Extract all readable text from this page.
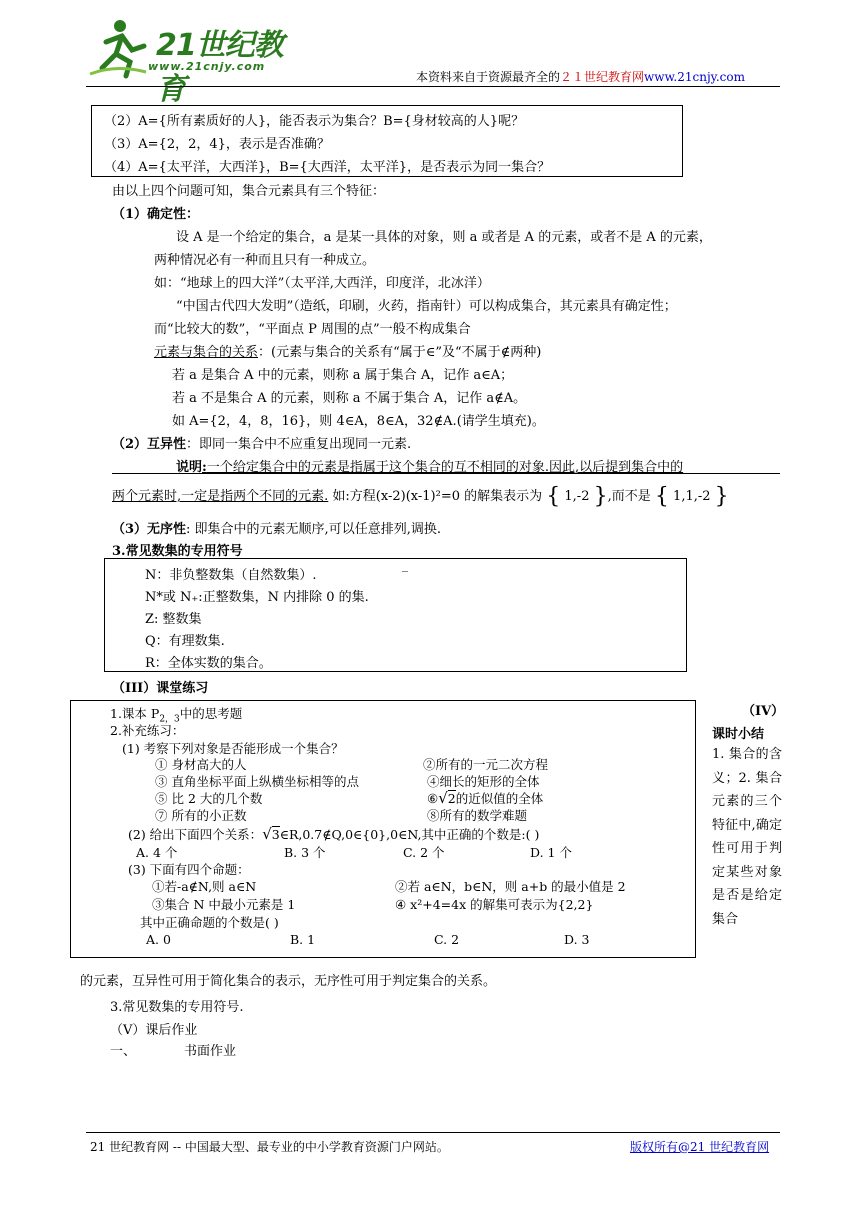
21世纪教育
www.21cnjy.com
本资料来自于资源最齐全的２１世纪教育网www.21cnjy.com
（2）A={所有素质好的人}，能否表示为集合？B={身材较高的人}呢？
（3）A={2，2，4}，表示是否准确？
（4）A={太平洋，大西洋}，B={大西洋，太平洋}，是否表示为同一集合？
由以上四个问题可知，集合元素具有三个特征：
（1）确定性：
设 A 是一个给定的集合，a 是某一具体的对象，则 a 或者是 A 的元素，或者不是 A 的元素，
两种情况必有一种而且只有一种成立。
如：“地球上的四大洋”（太平洋,大西洋，印度洋，北冰洋）
“中国古代四大发明”（造纸，印刷，火药，指南针）可以构成集合，其元素具有确定性；
而“比较大的数”，“平面点 P 周围的点”一般不构成集合
元素与集合的关系：(元素与集合的关系有“属于∈”及“不属于∉两种)
若 a 是集合 A 中的元素，则称 a 属于集合 A，记作 a∈A；
若 a 不是集合 A 的元素，则称 a 不属于集合 A，记作 a∉A。
如 A={2，4，8，16}，则 4∈A，8∈A，32∉A.(请学生填充)。
（2）互异性：即同一集合中不应重复出现同一元素.
说明:一个给定集合中的元素是指属于这个集合的互不相同的对象.因此,以后提到集合中的
两个元素时,一定是指两个不同的元素. 如:方程(x-2)(x-1)²=0 的解集表示为 { 1,-2 },而不是 { 1,1,-2 }
（3）无序性: 即集合中的元素无顺序,可以任意排列,调换.
3.常见数集的专用符号
N：非负整数集（自然数集）.
_
N*或 N₊:正整数集，N 内排除 0 的集.
Z: 整数集
Q：有理数集.
R：全体实数的集合。
（III）课堂练习
1.课本 $P_{2,3}$中的思考题
2.补充练习：
(1) 考察下列对象是否能形成一个集合？
① 身材高大的人	②所有的一元二次方程
③ 直角坐标平面上纵横坐标相等的点	④细长的矩形的全体
⑤ 比 2 大的几个数	⑥√2的近似值的全体
⑦ 所有的小正数	⑧所有的数学难题
(2) 给出下面四个关系：√3∈R,0.7∉Q,0∈{0},0∈N,其中正确的个数是:( )
A. 4 个	B. 3 个	C. 2 个	D. 1 个
(3) 下面有四个命题：
①若-a∉N,则 a∈N	②若 a∈N，b∈N，则 a+b 的最小值是 2
③集合 N 中最小元素是 1	④ x²+4=4x 的解集可表示为{2,2}
其中正确命题的个数是( )
A. 0	B. 1	C. 2	D. 3
（IV）
课时小结
1. 集合的含义；2. 集合元素的三个特征中,确定性可用于判定某些对象是否是给定集合
的元素，互异性可用于简化集合的表示，无序性可用于判定集合的关系。
3.常见数集的专用符号.
（V）课后作业
一、	书面作业
21 世纪教育网 -- 中国最大型、最专业的中小学教育资源门户网站。	版权所有@21 世纪教育网
